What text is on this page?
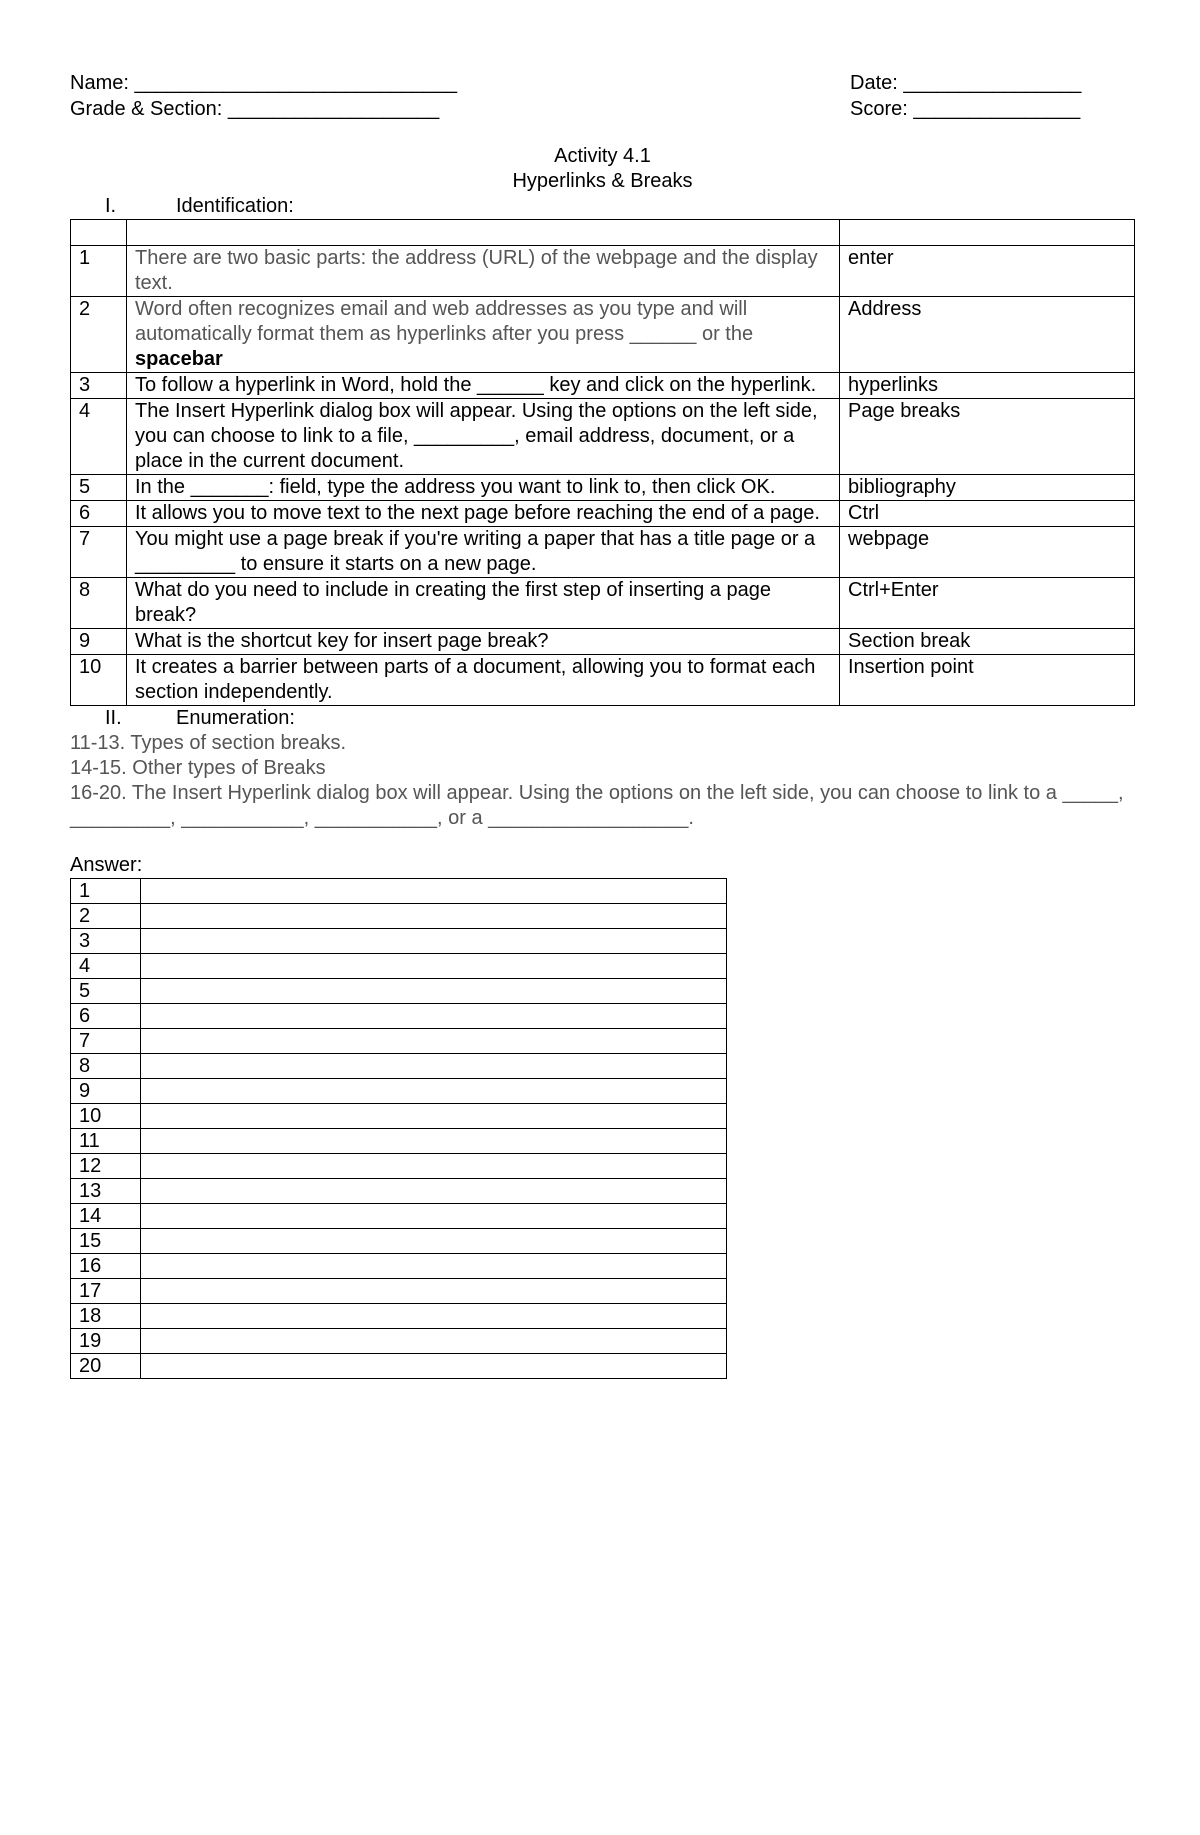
Name: _____________________________	Date: ________________
Grade & Section: ___________________	Score: _______________
Activity 4.1
Hyperlinks & Breaks
I.	Identification:

1	There are two basic parts: the address (URL) of the webpage and the display text.	enter
2	Word often recognizes email and web addresses as you type and will automatically format them as hyperlinks after you press ______ or the spacebar	Address
3	To follow a hyperlink in Word, hold the ______ key and click on the hyperlink.	hyperlinks
4	The Insert Hyperlink dialog box will appear. Using the options on the left side, you can choose to link to a file, _________, email address, document, or a place in the current document.	Page breaks
5	In the _______: field, type the address you want to link to, then click OK.	bibliography
6	It allows you to move text to the next page before reaching the end of a page.	Ctrl
7	You might use a page break if you're writing a paper that has a title page or a _________ to ensure it starts on a new page.	webpage
8	What do you need to include in creating the first step of inserting a page break?	Ctrl+Enter
9	What is the shortcut key for insert page break?	Section break
10	It creates a barrier between parts of a document, allowing you to format each section independently.	Insertion point
II.	Enumeration:
11-13. Types of section breaks.
14-15. Other types of Breaks
16-20. The Insert Hyperlink dialog box will appear. Using the options on the left side, you can choose to link to a _____, _________, ___________, ___________, or a __________________.
Answer:
1	
2	
3	
4	
5	
6	
7	
8	
9	
10	
11	
12	
13	
14	
15	
16	
17	
18	
19	
20	
